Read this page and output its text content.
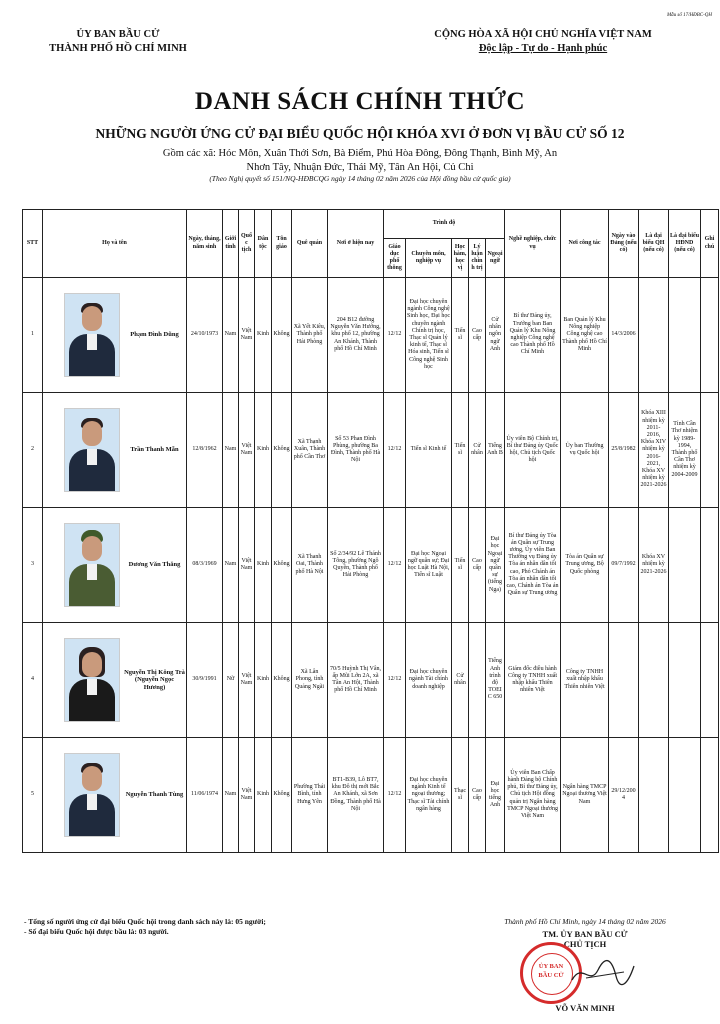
Mẫu số 17/HĐBC-QH
ỦY BAN BẦU CỬ
THÀNH PHỐ HỒ CHÍ MINH
CỘNG HÒA XÃ HỘI CHỦ NGHĨA VIỆT NAM
Độc lập - Tự do - Hạnh phúc
DANH SÁCH CHÍNH THỨC
NHỮNG NGƯỜI ỨNG CỬ ĐẠI BIỂU QUỐC HỘI KHÓA XVI Ở ĐƠN VỊ BẦU CỬ SỐ 12
Gồm các xã: Hóc Môn, Xuân Thới Sơn, Bà Điểm, Phú Hòa Đông, Đông Thạnh, Bình Mỹ, An Nhơn Tây, Nhuận Đức, Thái Mỹ, Tân An Hội, Củ Chi
(Theo Nghị quyết số 151/NQ-HĐBCQG ngày 14 tháng 02 năm 2026 của Hội đồng bầu cử quốc gia)
STT	Họ và tên	Ngày, tháng, năm sinh	Giới tính	Quốc tịch	Dân tộc	Tôn giáo	Quê quán	Nơi ở hiện nay	Trình độ					Nghề nghiệp, chức vụ	Nơi công tác	Ngày vào Đảng (nếu có)	Là đại biểu QH (nếu có)	Là đại biểu HĐND (nếu có)	Ghi chú
									Giáo dục phổ thông	Chuyên môn, nghiệp vụ	Học hàm, học vị	Lý luận chính trị	Ngoại ngữ						
1	Phạm Đình Dũng	24/10/1973	Nam	Việt Nam	Kinh	Không	Xã Yết Kiêu, Thành phố Hải Phòng	204 B12 đường Nguyễn Văn Hưởng, khu phố 12, phường An Khánh, Thành phố Hồ Chí Minh	12/12	Đại học chuyên ngành Công nghệ Sinh học, Đại học chuyên ngành Chính trị học, Thạc sĩ Quản lý kinh tế, Thạc sĩ Hóa sinh, Tiến sĩ Công nghệ Sinh học	Tiến sĩ	Cao cấp	Cử nhân ngôn ngữ Anh	Bí thư Đảng ủy, Trưởng ban Ban Quản lý Khu Nông nghiệp Công nghệ cao Thành phố Hồ Chí Minh	Ban Quản lý Khu Nông nghiệp Công nghệ cao Thành phố Hồ Chí Minh	14/3/2006			
2	Trần Thanh Mẫn	12/8/1962	Nam	Việt Nam	Kinh	Không	Xã Thạnh Xuân, Thành phố Cần Thơ	Số 53 Phan Đình Phùng, phường Ba Đình, Thành phố Hà Nội	12/12	Tiến sĩ Kinh tế	Tiến sĩ	Cử nhân	Tiếng Anh B	Ủy viên Bộ Chính trị, Bí thư Đảng ủy Quốc hội, Chủ tịch Quốc hội	Ủy ban Thường vụ Quốc hội	25/8/1982	Khóa XIII nhiệm kỳ 2011-2016, Khóa XIV nhiệm kỳ 2016-2021, Khóa XV nhiệm kỳ 2021-2026	Tỉnh Cần Thơ nhiệm kỳ 1989-1994, Thành phố Cần Thơ nhiệm kỳ 2004-2009	
3	Dương Văn Thăng	08/3/1969	Nam	Việt Nam	Kinh	Không	Xã Thanh Oai, Thành phố Hà Nội	Số 2/34/92 Lê Thánh Tông, phường Ngô Quyền, Thành phố Hải Phòng	12/12	Đại học Ngoại ngữ quân sự; Đại học Luật Hà Nội, Tiến sĩ Luật	Tiến sĩ	Cao cấp	Đại học Ngoại ngữ quân sự (tiếng Nga)	Bí thư Đảng ủy Tòa án Quân sự Trung ương, Ủy viên Ban Thường vụ Đảng ủy Tòa án nhân dân tối cao, Phó Chánh án Tòa án nhân dân tối cao, Chánh án Tòa án Quân sự Trung ương	Tòa án Quân sự Trung ương, Bộ Quốc phòng	09/7/1992	Khóa XV nhiệm kỳ 2021-2026		
4	Nguyễn Thị Kông Trà (Nguyễn Ngọc Hương)	30/9/1991	Nữ	Việt Nam	Kinh	Không	Xã Lân Phong, tỉnh Quảng Ngãi	70/5 Huỳnh Thị Vân, ấp Mũi Lớn 2A, xã Tân An Hội, Thành phố Hồ Chí Minh	12/12	Đại học chuyên ngành Tài chính doanh nghiệp	Cử nhân		Tiếng Anh trình độ TOEIC 650	Giám đốc điều hành Công ty TNHH xuất nhập khẩu Thiên nhiên Việt	Công ty TNHH xuất nhập khẩu Thiên nhiên Việt				
5	Nguyễn Thanh Tùng	11/06/1974	Nam	Việt Nam	Kinh	Không	Phường Thái Bình, tỉnh Hưng Yên	BT1-B39, Lô BT7, khu Đô thị mới Bắc An Khánh, xã Sơn Đồng, Thành phố Hà Nội	12/12	Đại học chuyên ngành Kinh tế ngoại thương; Thạc sĩ Tài chính ngân hàng	Thạc sĩ	Cao cấp	Đại học tiếng Anh	Ủy viên Ban Chấp hành Đảng bộ Chính phủ, Bí thư Đảng ủy, Chủ tịch Hội đồng quản trị Ngân hàng TMCP Ngoại thương Việt Nam	Ngân hàng TMCP Ngoại thương Việt Nam	29/12/2004			
- Tổng số người ứng cử đại biểu Quốc hội trong danh sách này là: 05 người;
- Số đại biểu Quốc hội được bầu là: 03 người.
Thành phố Hồ Chí Minh, ngày 14 tháng 02 năm 2026
TM. ỦY BAN BẦU CỬ
CHỦ TỊCH
ỦY BAN
BẦU CỬ
VÕ VĂN MINH
